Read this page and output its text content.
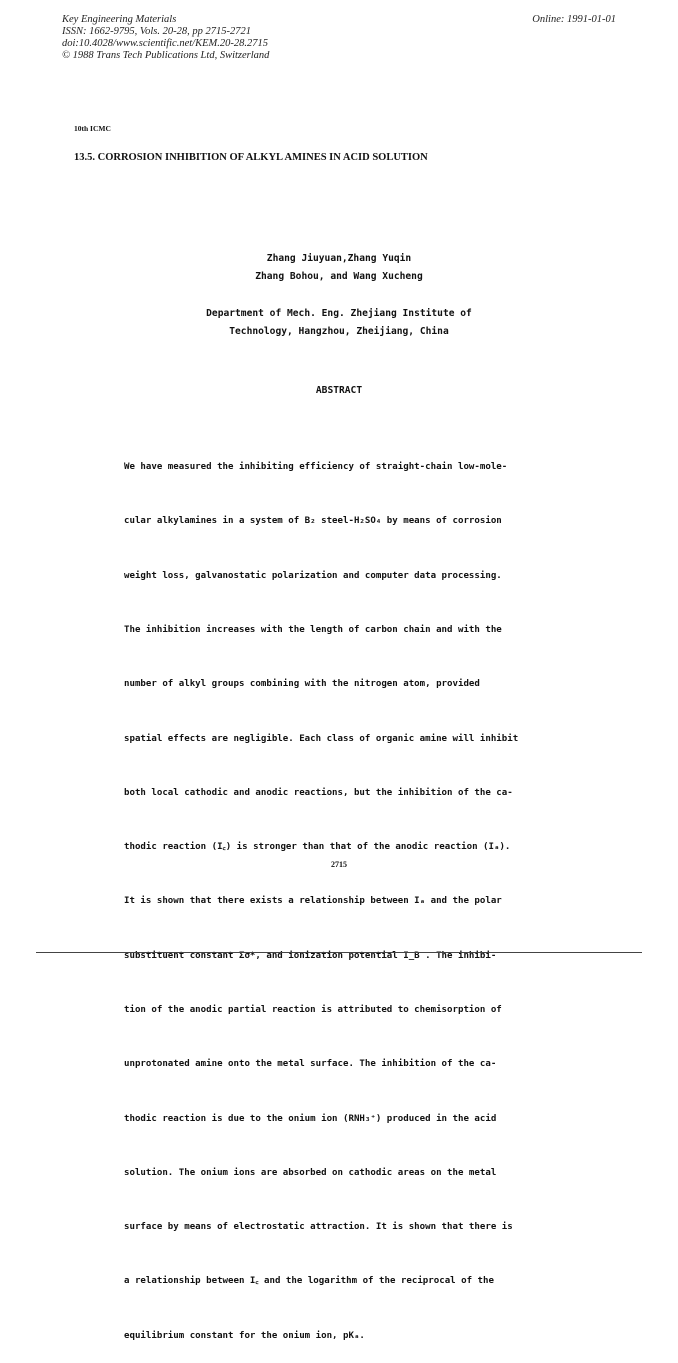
Key Engineering Materials
ISSN: 1662-9795, Vols. 20-28, pp 2715-2721
doi:10.4028/www.scientific.net/KEM.20-28.2715
© 1988 Trans Tech Publications Ltd, Switzerland
Online: 1991-01-01
10th ICMC
13.5. CORROSION INHIBITION OF ALKYL AMINES IN ACID SOLUTION
Zhang Jiuyuan,Zhang Yuqin
Zhang Bohou, and Wang Xucheng
Department of Mech. Eng. Zhejiang Institute of
Technology, Hangzhou, Zheijiang, China
ABSTRACT

We have measured the inhibiting efficiency of straight-chain low-mole-

cular alkylamines in a system of B₂ steel-H₂SO₄ by means of corrosion

weight loss, galvanostatic polarization and computer data processing.

The inhibition increases with the length of carbon chain and with the

number of alkyl groups combining with the nitrogen atom, provided

spatial effects are negligible. Each class of organic amine will inhibit

both local cathodic and anodic reactions, but the inhibition of the ca-

thodic reaction (I꜀) is stronger than that of the anodic reaction (Iₐ).

It is shown that there exists a relationship between Iₐ and the polar

substituent constant Σσ*, and ionization potential I_B . The inhibi-

tion of the anodic partial reaction is attributed to chemisorption of

unprotonated amine onto the metal surface. The inhibition of the ca-

thodic reaction is due to the onium ion (RNH₃⁺) produced in the acid

solution. The onium ions are absorbed on cathodic areas on the metal

surface by means of electrostatic attraction. It is shown that there is

a relationship between I꜀ and the logarithm of the reciprocal of the

equilibrium constant for the onium ion, pKₐ.

2715
